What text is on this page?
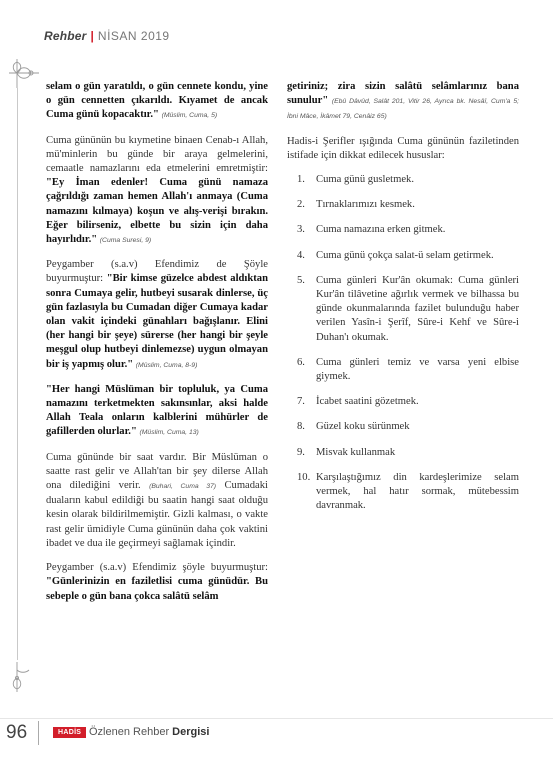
Rehber | NİSAN 2019

selam o gün yaratıldı, o gün cennete kondu, yine o gün cennetten çıkarıldı. Kıyamet de ancak Cuma günü kopacaktır." (Müslim, Cuma, 5)

Cuma gününün bu kıymetine binaen Cenab-ı Allah, mü'minlerin bu günde bir araya gelmelerini, cemaatle namazlarını eda etmelerini emretmiştir: "Ey İman edenler! Cuma günü namaza çağrıldığı zaman hemen Allah'ı anmaya (Cuma namazını kılmaya) koşun ve alış-verişi bırakın. Eğer bilirseniz, elbette bu sizin için daha hayırlıdır." (Cuma Suresi, 9)

Peygamber (s.a.v) Efendimiz de Şöyle buyurmuştur: "Bir kimse güzelce abdest aldıktan sonra Cumaya gelir, hutbeyi susarak dinlerse, üç gün fazlasıyla bu Cumadan diğer Cumaya kadar olan vakit içindeki günahları bağışlanır. Elini (her hangi bir şeye) sürerse (her hangi bir şeyle meşgul olup hutbeyi dinlemezse) uygun olmayan bir iş yapmış olur." (Müslim, Cuma, 8-9)

"Her hangi Müslüman bir topluluk, ya Cuma namazını terketmekten sakınsınlar, aksi halde Allah Teala onların kalblerini mühürler de gafillerden olurlar." (Müslim, Cuma, 13)

Cuma gününde bir saat vardır. Bir Müslüman o saatte rast gelir ve Allah'tan bir şey dilerse Allah ona dilediğini verir. (Buhari, Cuma 37) Cumadaki duaların kabul edildiği bu saatin hangi saat olduğu kesin olarak bildirilmemiştir. Gizli kalması, o vakte rast gelir ümidiyle Cuma gününün daha çok vaktini ibadet ve dua ile geçirmeyi sağlamak içindir.

Peygamber (s.a.v) Efendimiz şöyle buyurmuştur: "Günlerinizin en faziletlisi cuma günüdür. Bu sebeple o gün bana çokca salâtü selâm

getiriniz; zira sizin salâtü selâmlarınız bana sunulur" (Ebû Dâvûd, Salât 201, Vitir 26, Ayrıca bk. Nesâî, Cum'a 5; İbni Mâce, İkâmet 79, Cenâiz 65)

Hadis-i Şerifler ışığında Cuma gününün faziletinden istifade için dikkat edilecek hususlar:

1. Cuma günü gusletmek.
2. Tırnaklarımızı kesmek.
3. Cuma namazına erken gitmek.
4. Cuma günü çokça salat-ü selam getirmek.
5. Cuma günleri Kur'ân okumak: Cuma günleri Kur'ân tilâvetine ağırlık vermek ve bilhassa bu günde okunmalarında fazilet bulunduğu haber verilen Yasîn-i Şerîf, Sûre-i Kehf ve Sûre-i Duhan'ı okumak.
6. Cuma günleri temiz ve varsa yeni elbise giymek.
7. İcabet saatini gözetmek.
8. Güzel koku sürünmek
9. Misvak kullanmak
10. Karşılaştığımız din kardeşlerimize selam vermek, hal hatır sormak, mütebessim davranmak.
96	HADİS Özlenen Rehber Dergisi
